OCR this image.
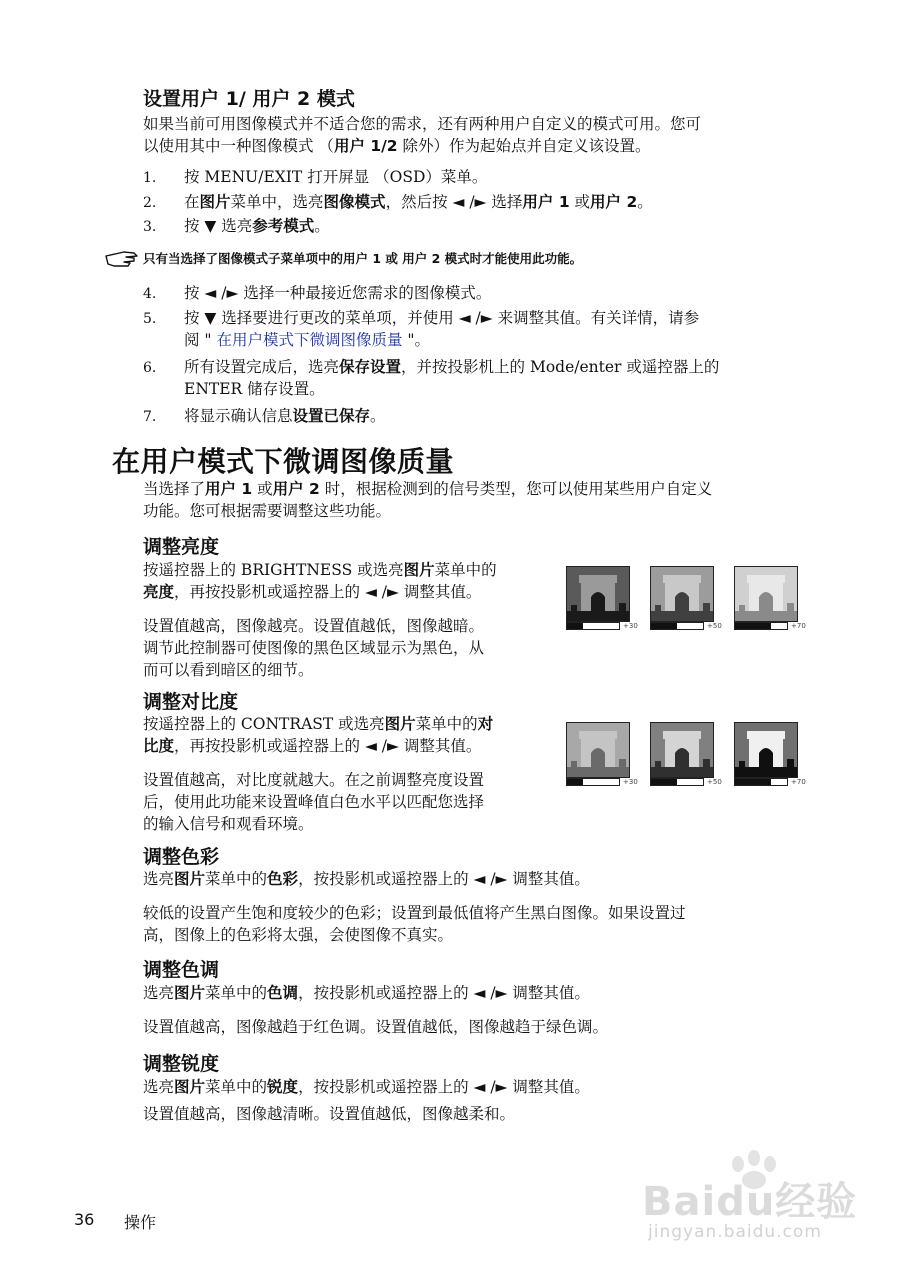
设置用户 1/ 用户 2 模式
如果当前可用图像模式并不适合您的需求，还有两种用户自定义的模式可用。您可
以使用其中一种图像模式 （用户 1/2 除外）作为起始点并自定义该设置。
1. 按 MENU/EXIT 打开屏显 （OSD）菜单。
2. 在图片菜单中，选亮图像模式，然后按 ◄ /► 选择用户 1 或用户 2。
3. 按 ▼ 选亮参考模式。
只有当选择了图像模式子菜单项中的用户 1 或 用户 2 模式时才能使用此功能。
4. 按 ◄ /► 选择一种最接近您需求的图像模式。
5. 按 ▼ 选择要进行更改的菜单项，并使用 ◄ /► 来调整其值。有关详情，请参
阅 " 在用户模式下微调图像质量 "。
6. 所有设置完成后，选亮保存设置，并按投影机上的 Mode/enter 或遥控器上的
ENTER 储存设置。
7. 将显示确认信息设置已保存。
在用户模式下微调图像质量
当选择了用户 1 或用户 2 时，根据检测到的信号类型，您可以使用某些用户自定义
功能。您可根据需要调整这些功能。
调整亮度
按遥控器上的 BRIGHTNESS 或选亮图片菜单中的
亮度，再按投影机或遥控器上的 ◄ /► 调整其值。
设置值越高，图像越亮。设置值越低，图像越暗。
调节此控制器可使图像的黑色区域显示为黑色，从
而可以看到暗区的细节。
+30	+50	+70
调整对比度
按遥控器上的 CONTRAST 或选亮图片菜单中的对
比度，再按投影机或遥控器上的 ◄ /► 调整其值。
设置值越高，对比度就越大。在之前调整亮度设置
后，使用此功能来设置峰值白色水平以匹配您选择
的输入信号和观看环境。
+30	+50	+70
调整色彩
选亮图片菜单中的色彩，按投影机或遥控器上的 ◄ /► 调整其值。
较低的设置产生饱和度较少的色彩；设置到最低值将产生黑白图像。如果设置过
高，图像上的色彩将太强，会使图像不真实。
调整色调
选亮图片菜单中的色调，按投影机或遥控器上的 ◄ /► 调整其值。
设置值越高，图像越趋于红色调。设置值越低，图像越趋于绿色调。
调整锐度
选亮图片菜单中的锐度，按投影机或遥控器上的 ◄ /► 调整其值。
设置值越高，图像越清晰。设置值越低，图像越柔和。
36 操作	Baidu经验
jingyan.baidu.com
